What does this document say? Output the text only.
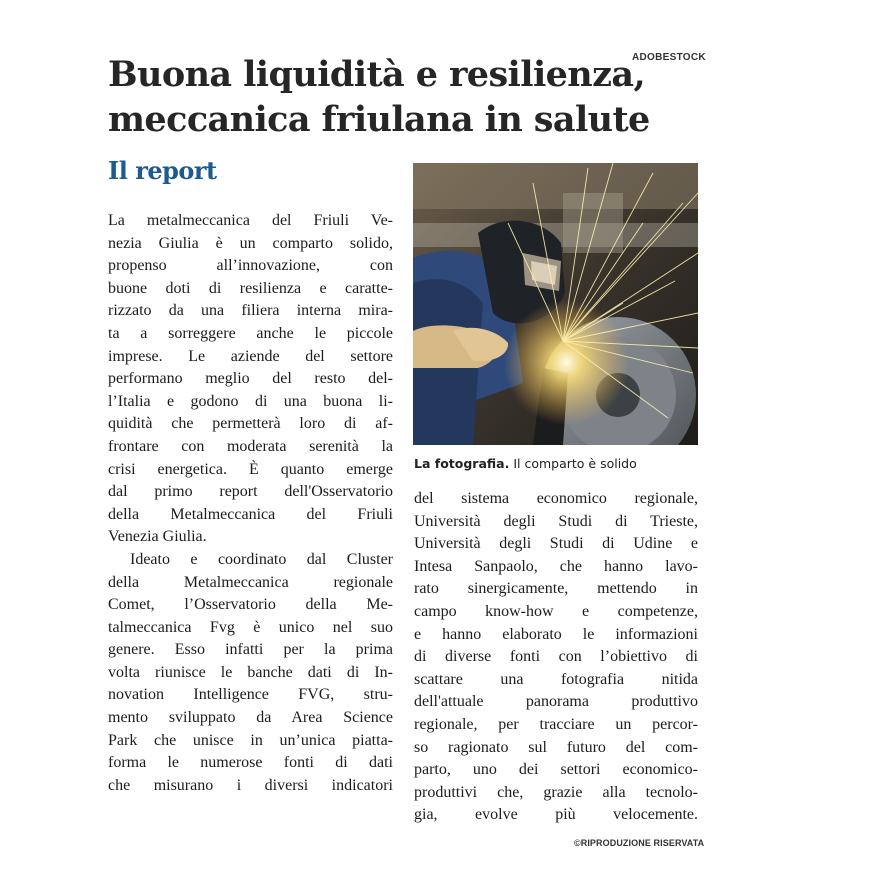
ADOBESTOCK
Buona liquidità e resilienza,
meccanica friulana in salute
Il report

La metalmeccanica del Friuli Ve-
nezia Giulia è un comparto solido,
propenso all’innovazione, con
buone doti di resilienza e caratte-
rizzato da una filiera interna mira-
ta a sorreggere anche le piccole
imprese. Le aziende del settore
performano meglio del resto del-
l’Italia e godono di una buona li-
quidità che permetterà loro di af-
frontare con moderata serenità la
crisi energetica. È quanto emerge
dal primo report dell'Osservatorio
della Metalmeccanica del Friuli
Venezia Giulia.

Ideato e coordinato dal Cluster
della Metalmeccanica regionale
Comet, l’Osservatorio della Me-
talmeccanica Fvg è unico nel suo
genere. Esso infatti per la prima
volta riunisce le banche dati di In-
novation Intelligence FVG, stru-
mento sviluppato da Area Science
Park che unisce in un’unica piatta-
forma le numerose fonti di dati
che misurano i diversi indicatori

La fotografia. Il comparto è solido

del sistema economico regionale,
Università degli Studi di Trieste,
Università degli Studi di Udine e
Intesa Sanpaolo, che hanno lavo-
rato sinergicamente, mettendo in
campo know-how e competenze,
e hanno elaborato le informazioni
di diverse fonti con l’obiettivo di
scattare una fotografia nitida
dell'attuale panorama produttivo
regionale, per tracciare un percor-
so ragionato sul futuro del com-
parto, uno dei settori economico-
produttivi che, grazie alla tecnolo-
gia, evolve più velocemente.

©RIPRODUZIONE RISERVATA
